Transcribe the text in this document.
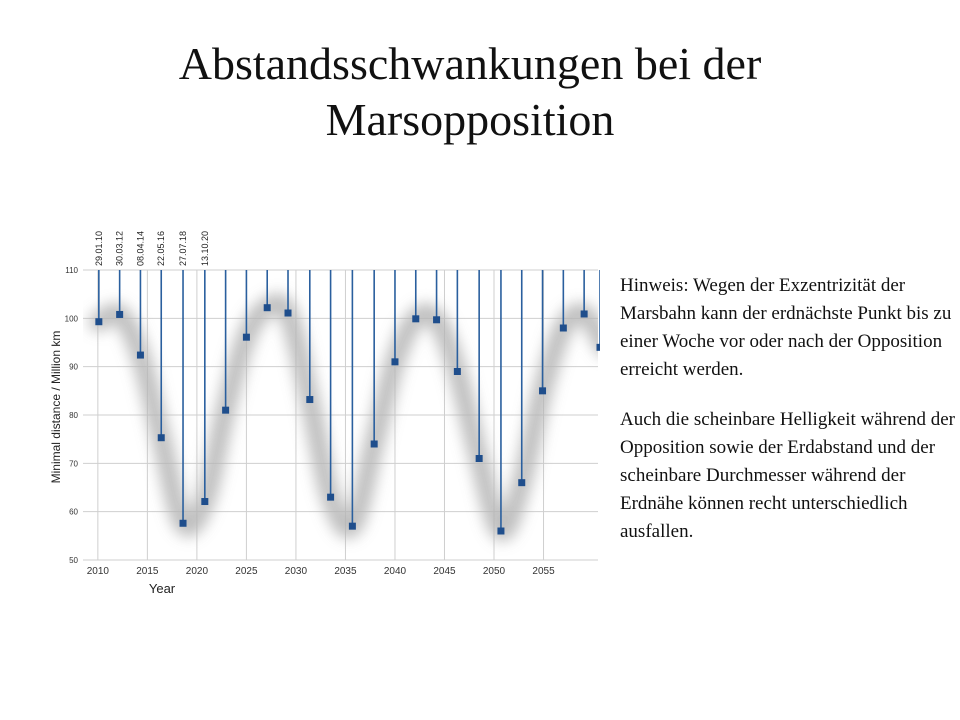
Abstandsschwankungen bei der
Marsopposition
50
60
70
80
90
100
110
2010	2015	2020	2025	2030	2035	2040	2045	2050	2055
29.01.10 30.03.12 08.04.14 22.05.16 27.07.18 13.10.20
Year
Minimal distance / Million km

Hinweis: Wegen der Exzentrizität der Marsbahn kann der erdnächste Punkt bis zu einer Woche vor oder nach der Opposition erreicht werden.

Auch die scheinbare Helligkeit während der Opposition sowie der Erdabstand und der scheinbare Durchmesser während der Erdnähe können recht unterschiedlich ausfallen.
